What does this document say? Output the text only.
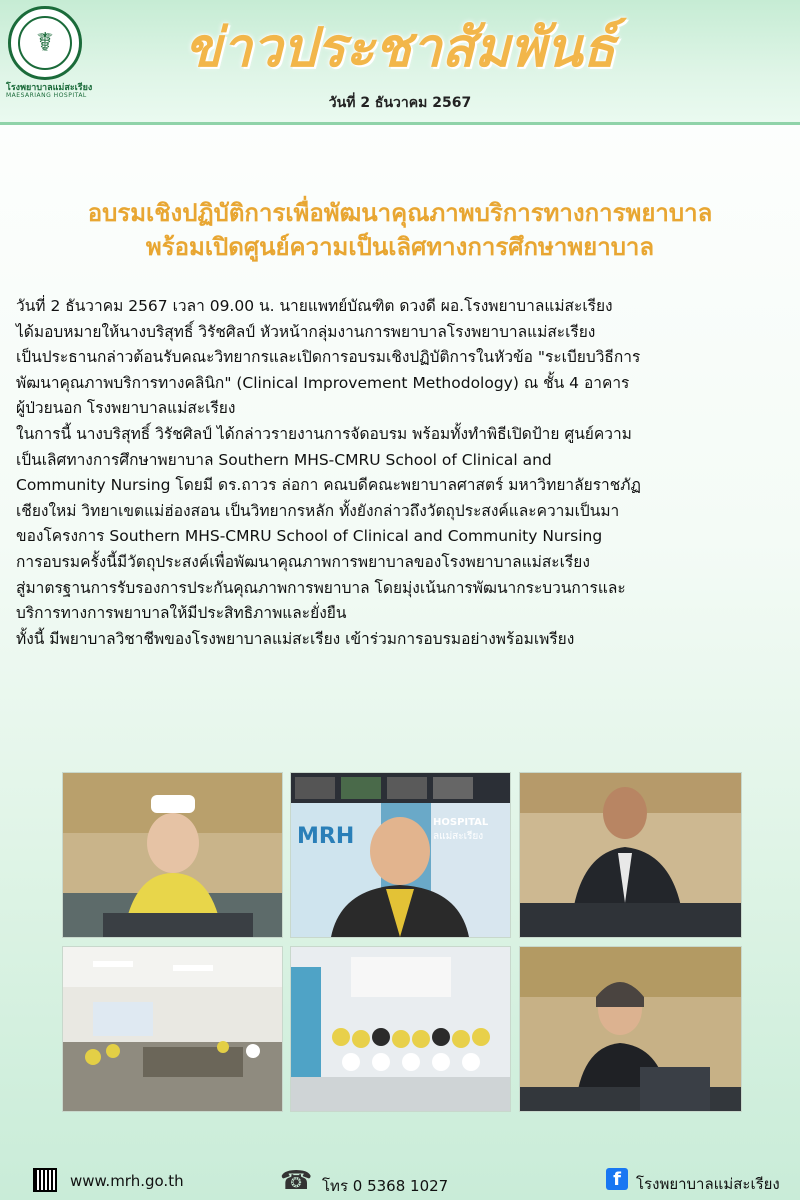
☤
โรงพยาบาลแม่สะเรียง
MAESARIANG HOSPITAL
ข่าวประชาสัมพันธ์
วันที่ 2 ธันวาคม 2567
อบรมเชิงปฏิบัติการเพื่อพัฒนาคุณภาพบริการทางการพยาบาล
พร้อมเปิดศูนย์ความเป็นเลิศทางการศึกษาพยาบาล

วันที่ 2 ธันวาคม 2567 เวลา 09.00 น. นายแพทย์บัณฑิต ดวงดี ผอ.โรงพยาบาลแม่สะเรียง

ได้มอบหมายให้นางบริสุทธิ์ วิรัชศิลป์ หัวหน้ากลุ่มงานการพยาบาลโรงพยาบาลแม่สะเรียง

เป็นประธานกล่าวต้อนรับคณะวิทยากรและเปิดการอบรมเชิงปฏิบัติการในหัวข้อ "ระเบียบวิธีการ

พัฒนาคุณภาพบริการทางคลินิก" (Clinical Improvement Methodology) ณ ชั้น 4 อาคาร

ผู้ป่วยนอก โรงพยาบาลแม่สะเรียง

ในการนี้ นางบริสุทธิ์ วิรัชศิลป์ ได้กล่าวรายงานการจัดอบรม พร้อมทั้งทำพิธีเปิดป้าย ศูนย์ความ

เป็นเลิศทางการศึกษาพยาบาล Southern MHS-CMRU School of Clinical and

Community Nursing โดยมี ดร.ถาวร ล่อกา คณบดีคณะพยาบาลศาสตร์ มหาวิทยาลัยราชภัฏ

เชียงใหม่ วิทยาเขตแม่ฮ่องสอน เป็นวิทยากรหลัก ทั้งยังกล่าวถึงวัตถุประสงค์และความเป็นมา

ของโครงการ Southern MHS-CMRU School of Clinical and Community Nursing

การอบรมครั้งนี้มีวัตถุประสงค์เพื่อพัฒนาคุณภาพการพยาบาลของโรงพยาบาลแม่สะเรียง

สู่มาตรฐานการรับรองการประกันคุณภาพการพยาบาล โดยมุ่งเน้นการพัฒนากระบวนการและ

บริการทางการพยาบาลให้มีประสิทธิภาพและยั่งยืน

ทั้งนี้ มีพยาบาลวิชาชีพของโรงพยาบาลแม่สะเรียง เข้าร่วมการอบรมอย่างพร้อมเพรียง

MRH
HOSPITAL
ลแม่สะเรียง
www.mrh.go.th	☎ โทร 0 5368 1027	f	โรงพยาบาลแม่สะเรียง
